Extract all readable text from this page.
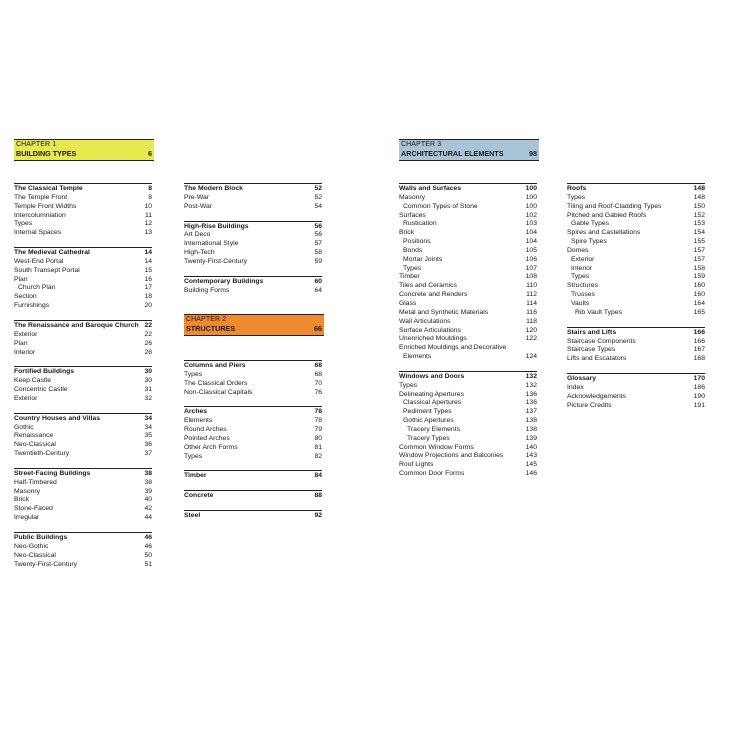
CHAPTER 1
BUILDING TYPES	6
CHAPTER 2
STRUCTURES	66
CHAPTER 3
ARCHITECTURAL ELEMENTS	98
The Classical Temple	8
The Temple Front	8
Temple Front Widths	10
Intercolumniation	11
Types	12
Internal Spaces	13
The Medieval Cathedral	14
West-End Portal	14
South Transept Portal	15
Plan	16
Church Plan	17
Section	18
Furnishings	20
The Renaissance and Baroque Church 22
Exterior	22
Plan	26
Interior	28
Fortified Buildings	30
Keep Castle	30
Concentric Castle	31
Exterior	32
Country Houses and Villas	34
Gothic	34
Renaissance	35
Neo-Classical	36
Twentieth-Century	37
Street-Facing Buildings	38
Half-Timbered	38
Masonry	39
Brick	40
Stone-Faced	42
Irregular	44
Public Buildings	46
Neo-Gothic	46
Neo-Classical	50
Twenty-First-Century	51
The Modern Block	52
Pre-War	52
Post-War	54
High-Rise Buildings	56
Art Deco	56
International Style	57
High-Tech	58
Twenty-First-Century	59
Contemporary Buildings	60
Building Forms	64
Columns and Piers	68
Types	68
The Classical Orders	70
Non-Classical Capitals	76
Arches	78
Elements	78
Round Arches	79
Pointed Arches	80
Other Arch Forms	81
Types	82
Timber	84
Concrete	88
Steel	92
Walls and Surfaces	100
Masonry	100
Common Types of Stone	100
Surfaces	102
Rustication	103
Brick	104
Positions	104
Bonds	105
Mortar Joints	106
Types	107
Timber	108
Tiles and Ceramics	110
Concrete and Renders	112
Glass	114
Metal and Synthetic Materials	116
Wall Articulations	118
Surface Articulations	120
Unenriched Mouldings	122
Enriched Mouldings and Decorative
Elements	124
Windows and Doors	132
Types	132
Delineating Apertures	136
Classical Apertures	136
Pediment Types	137
Gothic Apertures	138
Tracery Elements	138
Tracery Types	139
Common Window Forms	140
Window Projections and Balconies	143
Roof Lights	145
Common Door Forms	146
Roofs	148
Types	148
Tiling and Roof-Cladding Types	150
Pitched and Gabled Roofs	152
Gable Types	153
Spires and Castellations	154
Spire Types	155
Domes	157
Exterior	157
Interior	158
Types	159
Structures	160
Trusses	160
Vaults	164
Rib Vault Types	165
Stairs and Lifts	166
Staircase Components	166
Staircase Types	167
Lifts and Escalators	168
Glossary	170
Index	186
Acknowledgements	190
Picture Credits	191
